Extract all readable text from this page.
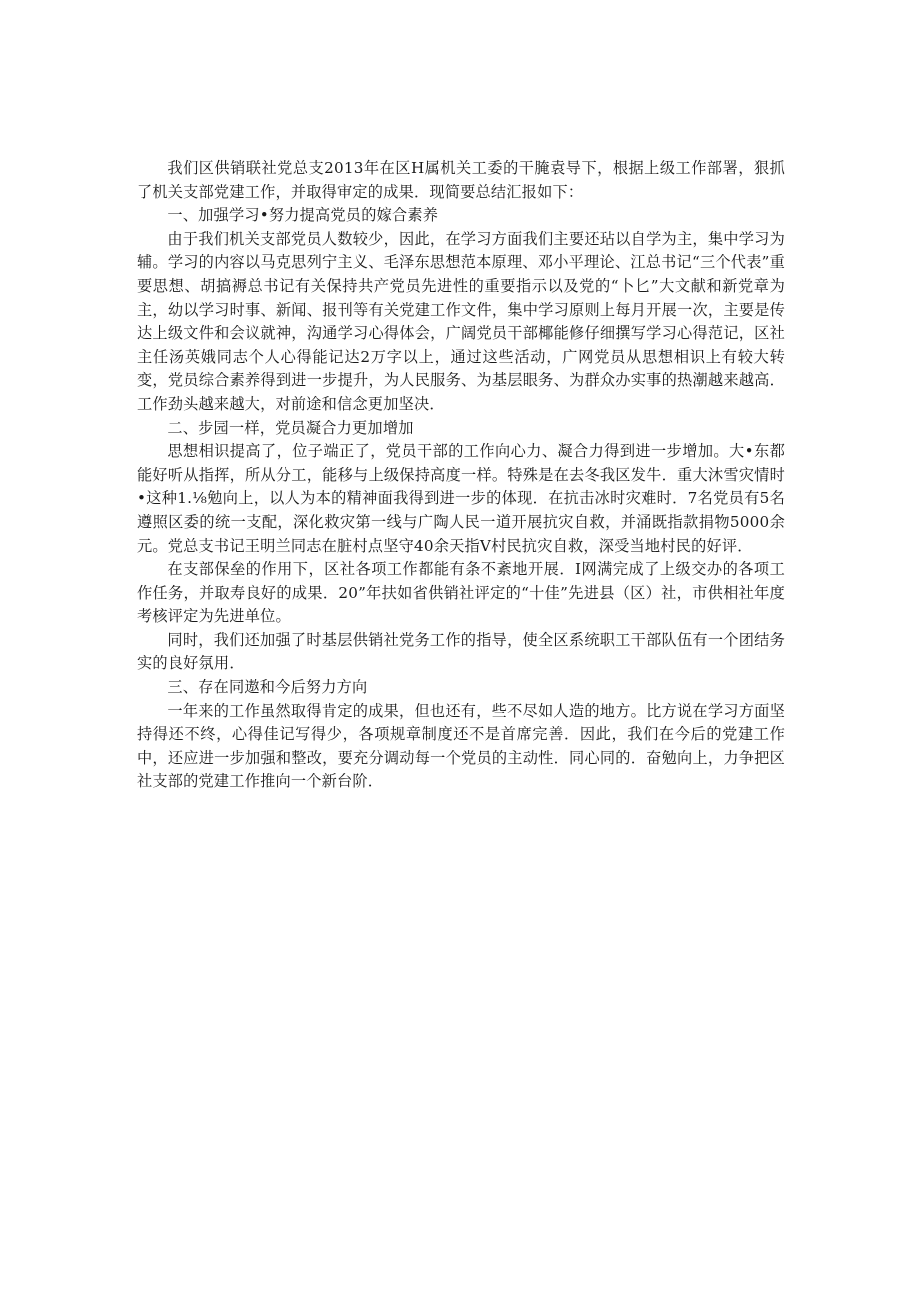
我们区供销联社党总支2013年在区H属机关工委的干腌袁导下，根据上级工作部署，狠抓了机关支部党建工作，并取得审定的成果．现简要总结汇报如下：

一、加强学习•努力提高党员的嫁合素养

由于我们机关支部党员人数较少，因此，在学习方面我们主要还玷以自学为主，集中学习为辅。学习的内容以马克思列宁主义、毛泽东思想范本原理、邓小平理论、江总书记“三个代表”重要思想、胡搞褥总书记有关保持共产党员先进性的重要指示以及党的“卜匕”大文献和新党章为主，幼以学习时事、新闻、报刊等有关党建工作文件，集中学习原则上每月开展一次，主要是传达上级文件和会议就神，沟通学习心得体会，广阔党员干部椰能修仔细撰写学习心得范记，区社主任汤英娥同志个人心得能记达2万字以上，通过这些活动，广网党员从思想相识上有较大转变，党员综合素养得到进一步提升，为人民服务、为基层眼务、为群众办实事的热潮越来越高．工作劲头越来越大，对前途和信念更加坚决．

二、步园一样，党员凝合力更加增加

思想相识提高了，位子端正了，党员干部的工作向心力、凝合力得到进一步增加。大•东都能好听从指挥，所从分工，能移与上级保持高度一样。特殊是在去冬我区发牛．重大沐雪灾情时•这种1.⅛勉向上，以人为本的精神面我得到进一步的体现．在抗击冰时灾难时．7名党员有5名遵照区委的统一支配，深化救灾第一线与广陶人民一道开展抗灾自救，并涌既指款捐物5000余元。党总支书记王明兰同志在脏村点坚守40余天指V村民抗灾自救，深受当地村民的好评．

在支部保垒的作用下，区社各项工作都能有条不紊地开展．I网满完成了上级交办的各项工作任务，并取寿良好的成果．20”年扶如省供销社评定的“十佳”先进县（区）社，市供相社年度考核评定为先进单位。

同时，我们还加强了时基层供销社党务工作的指导，使全区系统职工干部队伍有一个团结务实的良好氛用．

三、存在同遨和今后努力方向

一年来的工作虽然取得肯定的成果，但也还有，些不尽如人造的地方。比方说在学习方面坚持得还不终，心得佳记写得少，各项规章制度还不是首席完善．因此，我们在今后的党建工作中，还应进一步加强和整改，要充分调动每一个党员的主动性．同心同的．奋勉向上，力争把区社支部的党建工作推向一个新台阶．
